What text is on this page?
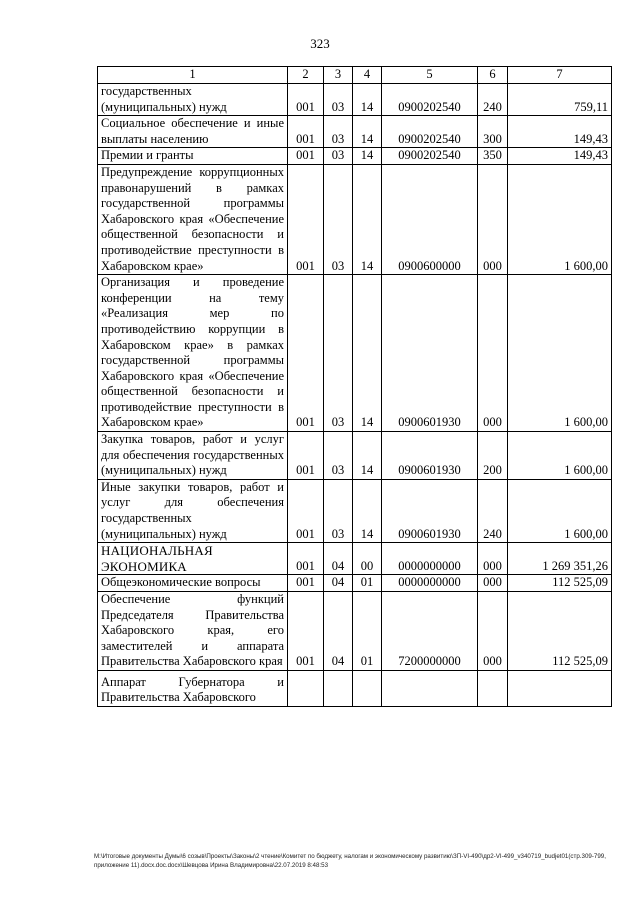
323
1	2	3	4	5	6	7
государственных (муниципальных) нужд	001	03	14	0900202540	240	759,11
Социальное обеспечение и иные выплаты населению	001	03	14	0900202540	300	149,43
Премии и гранты	001	03	14	0900202540	350	149,43
Предупреждение коррупционных правонарушений в рамках государственной программы Хабаровского края «Обеспечение общественной безопасности и противодействие преступности в Хабаровском крае»	001	03	14	0900600000	000	1 600,00
Организация и проведение конференции на тему «Реализация мер по противодействию коррупции в Хабаровском крае» в рамках государственной программы Хабаровского края «Обеспечение общественной безопасности и противодействие преступности в Хабаровском крае»	001	03	14	0900601930	000	1 600,00
Закупка товаров, работ и услуг для обеспечения государственных (муниципальных) нужд	001	03	14	0900601930	200	1 600,00
Иные закупки товаров, работ и услуг для обеспечения государственных (муниципальных) нужд	001	03	14	0900601930	240	1 600,00
НАЦИОНАЛЬНАЯ ЭКОНОМИКА	001	04	00	0000000000	000	1 269 351,26
Общеэкономические вопросы	001	04	01	0000000000	000	112 525,09
Обеспечение функций Председателя Правительства Хабаровского края, его заместителей и аппарата Правительства Хабаровского края	001	04	01	7200000000	000	112 525,09
Аппарат Губернатора и Правительства Хабаровского						
M:\Итоговые документы Думы\6 созыв\Проекты\Законы\2 чтение\Комитет по бюджету, налогам и экономическому развитию\ЗП-VI-490\др2-VI-499_v340719_budjet01(стр.309-799, приложение 11).docx.doc.docx\Шевцова Ирина Владимировна\22.07.2019 8:48:53
